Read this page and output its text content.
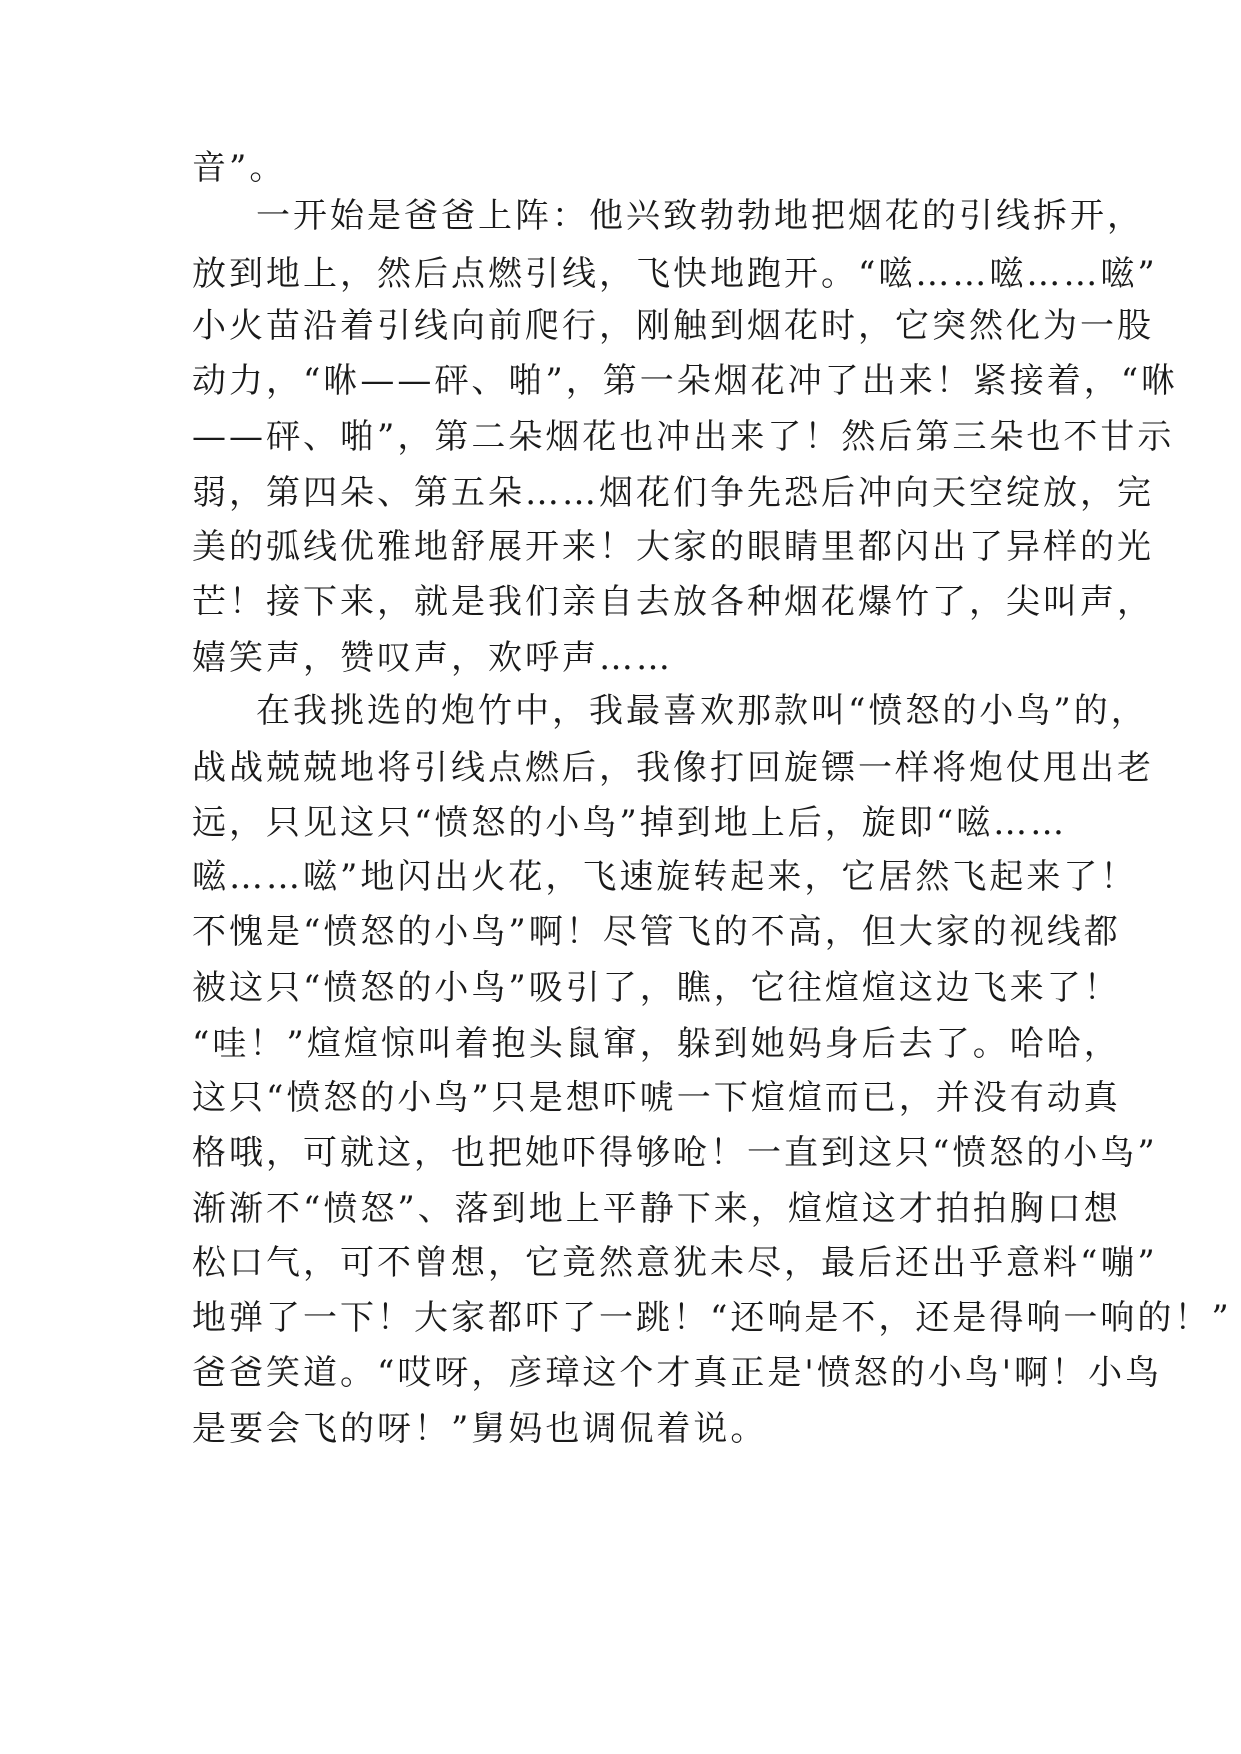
音”。
一开始是爸爸上阵：他兴致勃勃地把烟花的引线拆开，
放到地上，然后点燃引线，飞快地跑开。“嗞……嗞……嗞”
小火苗沿着引线向前爬行，刚触到烟花时，它突然化为一股
动力，“咻——砰、啪”，第一朵烟花冲了出来！紧接着，“咻
——砰、啪”，第二朵烟花也冲出来了！然后第三朵也不甘示
弱，第四朵、第五朵……烟花们争先恐后冲向天空绽放，完
美的弧线优雅地舒展开来！大家的眼睛里都闪出了异样的光
芒！接下来，就是我们亲自去放各种烟花爆竹了，尖叫声，
嬉笑声，赞叹声，欢呼声……
在我挑选的炮竹中，我最喜欢那款叫“愤怒的小鸟”的，
战战兢兢地将引线点燃后，我像打回旋镖一样将炮仗甩出老
远，只见这只“愤怒的小鸟”掉到地上后，旋即“嗞……
嗞……嗞”地闪出火花，飞速旋转起来，它居然飞起来了！
不愧是“愤怒的小鸟”啊！尽管飞的不高，但大家的视线都
被这只“愤怒的小鸟”吸引了，瞧，它往煊煊这边飞来了！
“哇！”煊煊惊叫着抱头鼠窜，躲到她妈身后去了。哈哈，
这只“愤怒的小鸟”只是想吓唬一下煊煊而已，并没有动真
格哦，可就这，也把她吓得够呛！一直到这只“愤怒的小鸟”
渐渐不“愤怒”、落到地上平静下来，煊煊这才拍拍胸口想
松口气，可不曾想，它竟然意犹未尽，最后还出乎意料“嘣”
地弹了一下！大家都吓了一跳！“还响是不，还是得响一响的！”
爸爸笑道。“哎呀，彦璋这个才真正是'愤怒的小鸟'啊！小鸟
是要会飞的呀！”舅妈也调侃着说。
